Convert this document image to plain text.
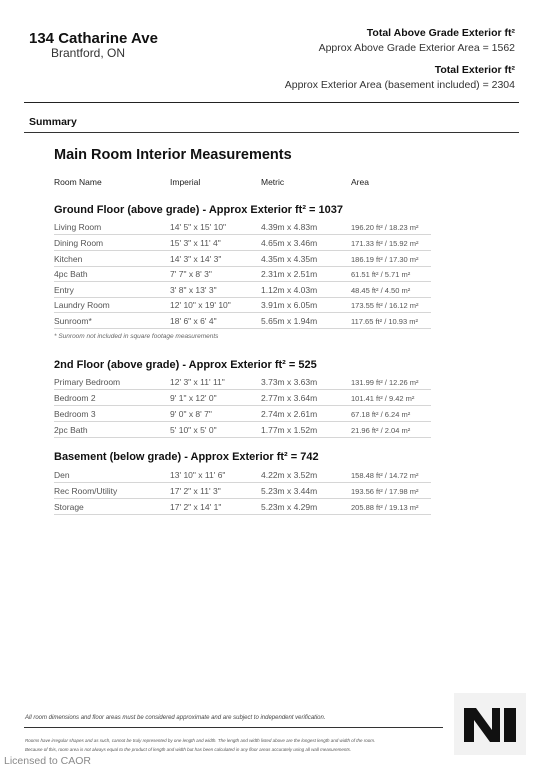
134 Catharine Ave
Brantford, ON
Total Above Grade Exterior ft²
Approx Above Grade Exterior Area = 1562
Total Exterior ft²
Approx Exterior Area (basement included) = 2304
Summary
Main Room Interior Measurements
Room Name	Imperial	Metric	Area
Ground Floor (above grade) - Approx Exterior ft² = 1037
Living Room	14' 5" x 15' 10"	4.39m x 4.83m	196.20 ft² / 18.23 m²
Dining Room	15' 3" x 11' 4"	4.65m x 3.46m	171.33 ft² / 15.92 m²
Kitchen	14' 3" x 14' 3"	4.35m x 4.35m	186.19 ft² / 17.30 m²
4pc Bath	7' 7" x 8' 3"	2.31m x 2.51m	61.51 ft² / 5.71 m²
Entry	3' 8" x 13' 3"	1.12m x 4.03m	48.45 ft² / 4.50 m²
Laundry Room	12' 10" x 19' 10"	3.91m x 6.05m	173.55 ft² / 16.12 m²
Sunroom*	18' 6" x 6' 4"	5.65m x 1.94m	117.65 ft² / 10.93 m²
* Sunroom not included in square footage measurements
2nd Floor (above grade) - Approx Exterior ft² = 525
Primary Bedroom	12' 3" x 11' 11"	3.73m x 3.63m	131.99 ft² / 12.26 m²
Bedroom 2	9' 1" x 12' 0"	2.77m x 3.64m	101.41 ft² / 9.42 m²
Bedroom 3	9' 0" x 8' 7"	2.74m x 2.61m	67.18 ft² / 6.24 m²
2pc Bath	5' 10" x 5' 0"	1.77m x 1.52m	21.96 ft² / 2.04 m²
Basement (below grade) - Approx Exterior ft² = 742
Den	13' 10" x 11' 6"	4.22m x 3.52m	158.48 ft² / 14.72 m²
Rec Room/Utility	17' 2" x 11' 3"	5.23m x 3.44m	193.56 ft² / 17.98 m²
Storage	17' 2" x 14' 1"	5.23m x 4.29m	205.88 ft² / 19.13 m²
All room dimensions and floor areas must be considered approximate and are subject to independent verification.
Rooms have irregular shapes and as such, cannot be truly represented by one length and width. The length and width listed above are the longest length and width of the room.
Because of this, room area is not always equal to the product of length and width but has been calculated in any floor areas accurately using all wall measurements.
Licensed to CAOR
